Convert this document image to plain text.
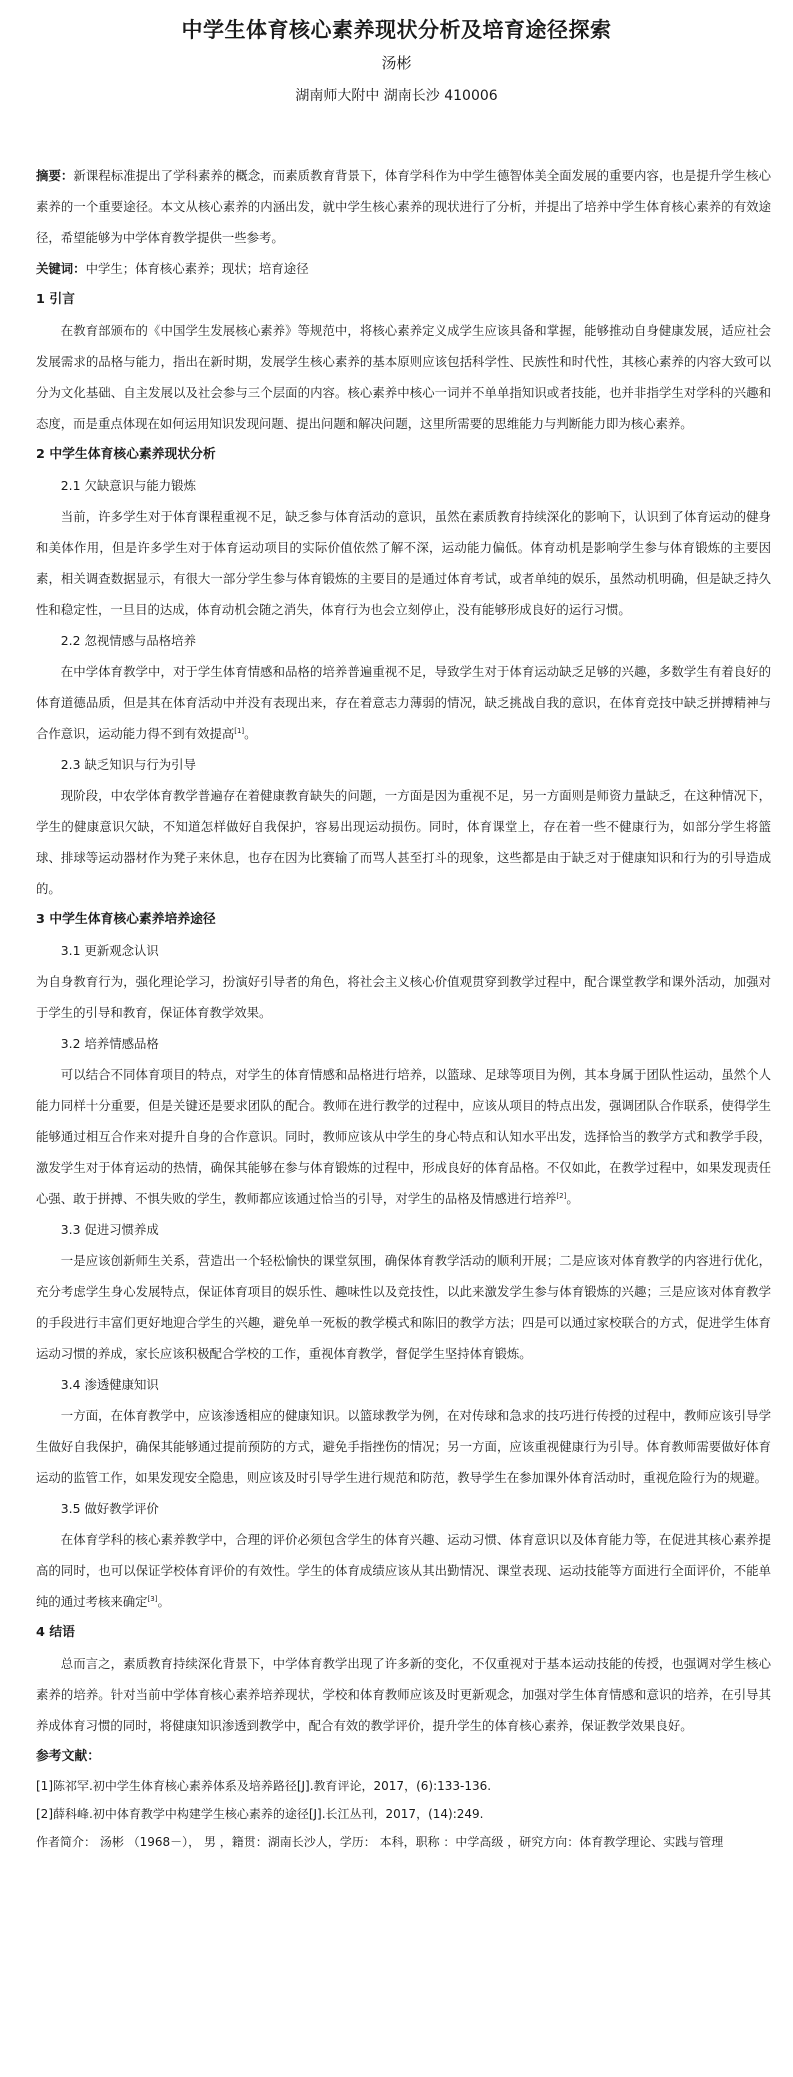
中学生体育核心素养现状分析及培育途径探索
汤彬
湖南师大附中 湖南长沙 410006

摘要：新课程标准提出了学科素养的概念，而素质教育背景下，体育学科作为中学生德智体美全面发展的重要内容，也是提升学生核心素养的一个重要途径。本文从核心素养的内涵出发，就中学生核心素养的现状进行了分析，并提出了培养中学生体育核心素养的有效途径，希望能够为中学体育教学提供一些参考。

关键词：中学生；体育核心素养；现状；培育途径

1 引言

在教育部颁布的《中国学生发展核心素养》等规范中，将核心素养定义成学生应该具备和掌握，能够推动自身健康发展，适应社会发展需求的品格与能力，指出在新时期，发展学生核心素养的基本原则应该包括科学性、民族性和时代性，其核心素养的内容大致可以分为文化基础、自主发展以及社会参与三个层面的内容。核心素养中核心一词并不单单指知识或者技能，也并非指学生对学科的兴趣和态度，而是重点体现在如何运用知识发现问题、提出问题和解决问题，这里所需要的思维能力与判断能力即为核心素养。

2 中学生体育核心素养现状分析

2.1 欠缺意识与能力锻炼

当前，许多学生对于体育课程重视不足，缺乏参与体育活动的意识，虽然在素质教育持续深化的影响下，认识到了体育运动的健身和美体作用，但是许多学生对于体育运动项目的实际价值依然了解不深，运动能力偏低。体育动机是影响学生参与体育锻炼的主要因素，相关调查数据显示，有很大一部分学生参与体育锻炼的主要目的是通过体育考试，或者单纯的娱乐，虽然动机明确，但是缺乏持久性和稳定性，一旦目的达成，体育动机会随之消失，体育行为也会立刻停止，没有能够形成良好的运行习惯。

2.2 忽视情感与品格培养

在中学体育教学中，对于学生体育情感和品格的培养普遍重视不足，导致学生对于体育运动缺乏足够的兴趣，多数学生有着良好的体育道德品质，但是其在体育活动中并没有表现出来，存在着意志力薄弱的情况，缺乏挑战自我的意识，在体育竞技中缺乏拼搏精神与合作意识，运动能力得不到有效提高[1]。

2.3 缺乏知识与行为引导

现阶段，中农学体育教学普遍存在着健康教育缺失的问题，一方面是因为重视不足，另一方面则是师资力量缺乏，在这种情况下，学生的健康意识欠缺，不知道怎样做好自我保护，容易出现运动损伤。同时，体育课堂上，存在着一些不健康行为，如部分学生将篮球、排球等运动器材作为凳子来休息，也存在因为比赛输了而骂人甚至打斗的现象，这些都是由于缺乏对于健康知识和行为的引导造成的。

3 中学生体育核心素养培养途径

3.1 更新观念认识

为自身教育行为，强化理论学习，扮演好引导者的角色，将社会主义核心价值观贯穿到教学过程中，配合课堂教学和课外活动，加强对于学生的引导和教育，保证体育教学效果。

3.2 培养情感品格

可以结合不同体育项目的特点，对学生的体育情感和品格进行培养，以篮球、足球等项目为例，其本身属于团队性运动，虽然个人能力同样十分重要，但是关键还是要求团队的配合。教师在进行教学的过程中，应该从项目的特点出发，强调团队合作联系，使得学生能够通过相互合作来对提升自身的合作意识。同时，教师应该从中学生的身心特点和认知水平出发，选择恰当的教学方式和教学手段，激发学生对于体育运动的热情，确保其能够在参与体育锻炼的过程中，形成良好的体育品格。不仅如此，在教学过程中，如果发现责任心强、敢于拼搏、不惧失败的学生，教师都应该通过恰当的引导，对学生的品格及情感进行培养[2]。

3.3 促进习惯养成

一是应该创新师生关系，营造出一个轻松愉快的课堂氛围，确保体育教学活动的顺利开展；二是应该对体育教学的内容进行优化，充分考虑学生身心发展特点，保证体育项目的娱乐性、趣味性以及竞技性，以此来激发学生参与体育锻炼的兴趣；三是应该对体育教学的手段进行丰富们更好地迎合学生的兴趣，避免单一死板的教学模式和陈旧的教学方法；四是可以通过家校联合的方式，促进学生体育运动习惯的养成，家长应该积极配合学校的工作，重视体育教学，督促学生坚持体育锻炼。

3.4 渗透健康知识

一方面，在体育教学中，应该渗透相应的健康知识。以篮球教学为例，在对传球和急求的技巧进行传授的过程中，教师应该引导学生做好自我保护，确保其能够通过提前预防的方式，避免手指挫伤的情况；另一方面，应该重视健康行为引导。体育教师需要做好体育运动的监管工作，如果发现安全隐患，则应该及时引导学生进行规范和防范，教导学生在参加课外体育活动时，重视危险行为的规避。

3.5 做好教学评价

在体育学科的核心素养教学中，合理的评价必须包含学生的体育兴趣、运动习惯、体育意识以及体育能力等，在促进其核心素养提高的同时，也可以保证学校体育评价的有效性。学生的体育成绩应该从其出勤情况、课堂表现、运动技能等方面进行全面评价，不能单纯的通过考核来确定[3]。

4 结语

总而言之，素质教育持续深化背景下，中学体育教学出现了许多新的变化，不仅重视对于基本运动技能的传授，也强调对学生核心素养的培养。针对当前中学体育核心素养培养现状，学校和体育教师应该及时更新观念，加强对学生体育情感和意识的培养，在引导其养成体育习惯的同时，将健康知识渗透到教学中，配合有效的教学评价，提升学生的体育核心素养，保证教学效果良好。

参考文献：

[1]陈祁罕.初中学生体育核心素养体系及培养路径[J].教育评论，2017，(6):133-136.

[2]薛科峰.初中体育教学中构建学生核心素养的途径[J].长江丛刊，2017，(14):249.

作者简介： 汤彬 （1968－）， 男 ，籍贯：湖南长沙人，学历： 本科，职称 ：中学高级 ，研究方向：体育教学理论、实践与管理
